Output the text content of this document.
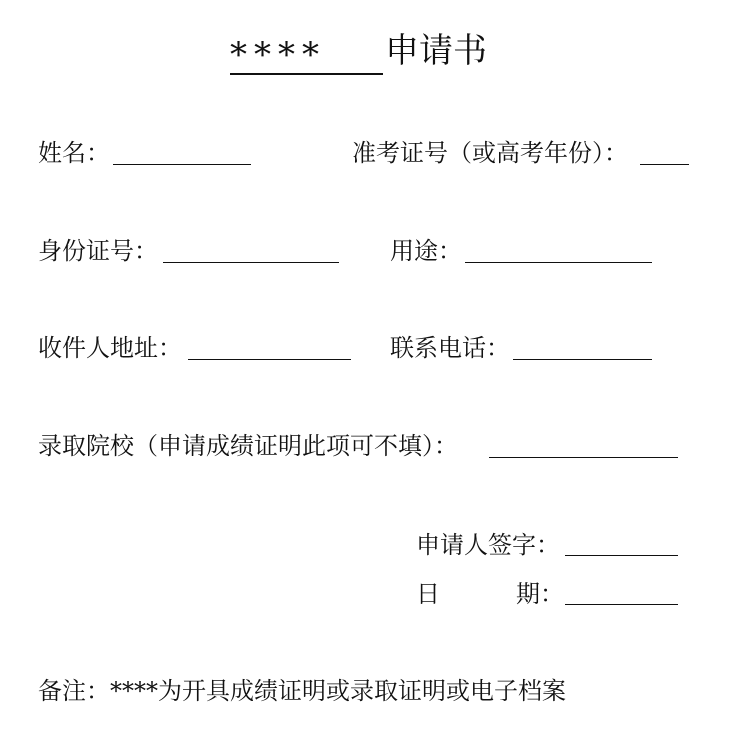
**** 申请书
姓名：	准考证号（或高考年份）：
身份证号：	用途：
收件人地址：	联系电话：
录取院校（申请成绩证明此项可不填）：
申请人签字：
日	期：
备注：****为开具成绩证明或录取证明或电子档案
